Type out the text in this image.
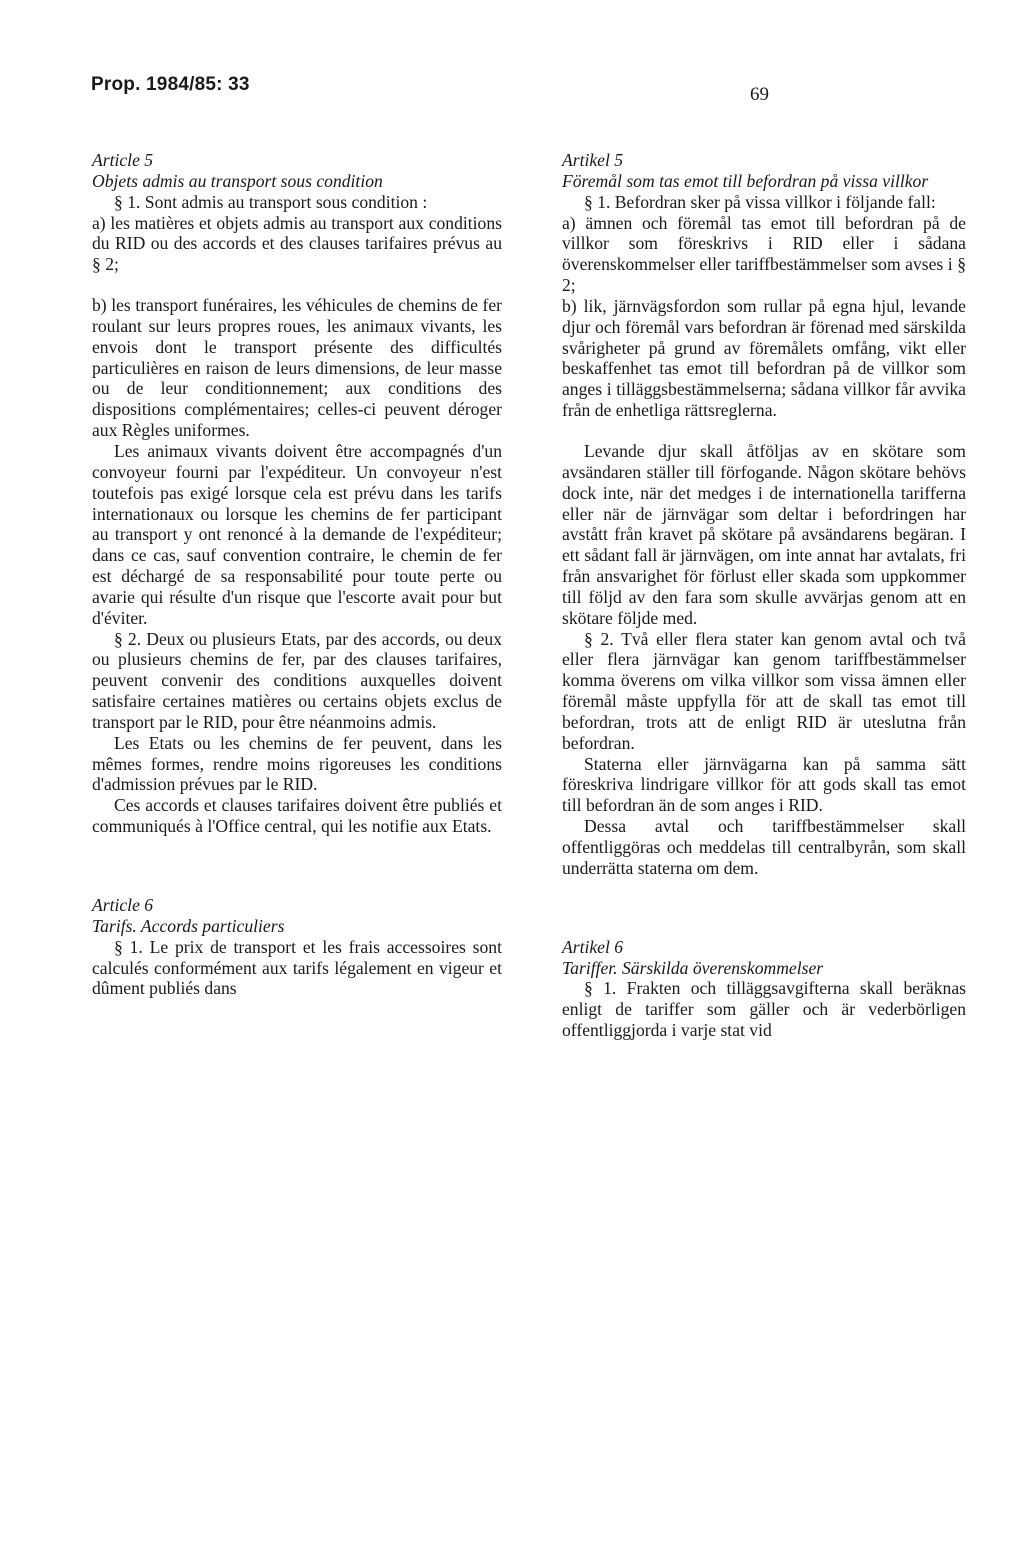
Prop. 1984/85: 33	69

Article 5

Objets admis au transport sous condition

§ 1. Sont admis au transport sous condition :

a) les matières et objets admis au transport aux conditions du RID ou des accords et des clauses tarifaires prévus au § 2;

b) les transport funéraires, les véhicules de chemins de fer roulant sur leurs propres roues, les animaux vivants, les envois dont le transport présente des difficultés particulières en raison de leurs dimensions, de leur masse ou de leur conditionnement; aux conditions des dispositions complémentaires; celles-ci peuvent déroger aux Règles uniformes.

Les animaux vivants doivent être accompagnés d'un convoyeur fourni par l'expéditeur. Un convoyeur n'est toutefois pas exigé lorsque cela est prévu dans les tarifs internationaux ou lorsque les chemins de fer participant au transport y ont renoncé à la demande de l'expéditeur; dans ce cas, sauf convention contraire, le chemin de fer est déchargé de sa responsabilité pour toute perte ou avarie qui résulte d'un risque que l'escorte avait pour but d'éviter.

§ 2. Deux ou plusieurs Etats, par des accords, ou deux ou plusieurs chemins de fer, par des clauses tarifaires, peuvent convenir des conditions auxquelles doivent satisfaire certaines matières ou certains objets exclus de transport par le RID, pour être néanmoins admis.

Les Etats ou les chemins de fer peuvent, dans les mêmes formes, rendre moins rigoreuses les conditions d'admission prévues par le RID.

Ces accords et clauses tarifaires doivent être publiés et communiqués à l'Office central, qui les notifie aux Etats.

Article 6

Tarifs. Accords particuliers

§ 1. Le prix de transport et les frais accessoires sont calculés conformément aux tarifs légalement en vigeur et dûment publiés dans

Artikel 5

Föremål som tas emot till befordran på vissa villkor

§ 1. Befordran sker på vissa villkor i följande fall:

a) ämnen och föremål tas emot till befordran på de villkor som föreskrivs i RID eller i sådana överenskommelser eller tariffbestämmelser som avses i § 2;

b) lik, järnvägsfordon som rullar på egna hjul, levande djur och föremål vars befordran är förenad med särskilda svårigheter på grund av föremålets omfång, vikt eller beskaffenhet tas emot till befordran på de villkor som anges i tilläggsbestämmelserna; sådana villkor får avvika från de enhetliga rättsreglerna.

Levande djur skall åtföljas av en skötare som avsändaren ställer till förfogande. Någon skötare behövs dock inte, när det medges i de internationella tarifferna eller när de järnvägar som deltar i befordringen har avstått från kravet på skötare på avsändarens begäran. I ett sådant fall är järnvägen, om inte annat har avtalats, fri från ansvarighet för förlust eller skada som uppkommer till följd av den fara som skulle avvärjas genom att en skötare följde med.

§ 2. Två eller flera stater kan genom avtal och två eller flera järnvägar kan genom tariffbestämmelser komma överens om vilka villkor som vissa ämnen eller föremål måste uppfylla för att de skall tas emot till befordran, trots att de enligt RID är uteslutna från befordran.

Staterna eller järnvägarna kan på samma sätt föreskriva lindrigare villkor för att gods skall tas emot till befordran än de som anges i RID.

Dessa avtal och tariffbestämmelser skall offentliggöras och meddelas till centralbyrån, som skall underrätta staterna om dem.

Artikel 6

Tariffer. Särskilda överenskommelser

§ 1. Frakten och tilläggsavgifterna skall beräknas enligt de tariffer som gäller och är vederbörligen offentliggjorda i varje stat vid
